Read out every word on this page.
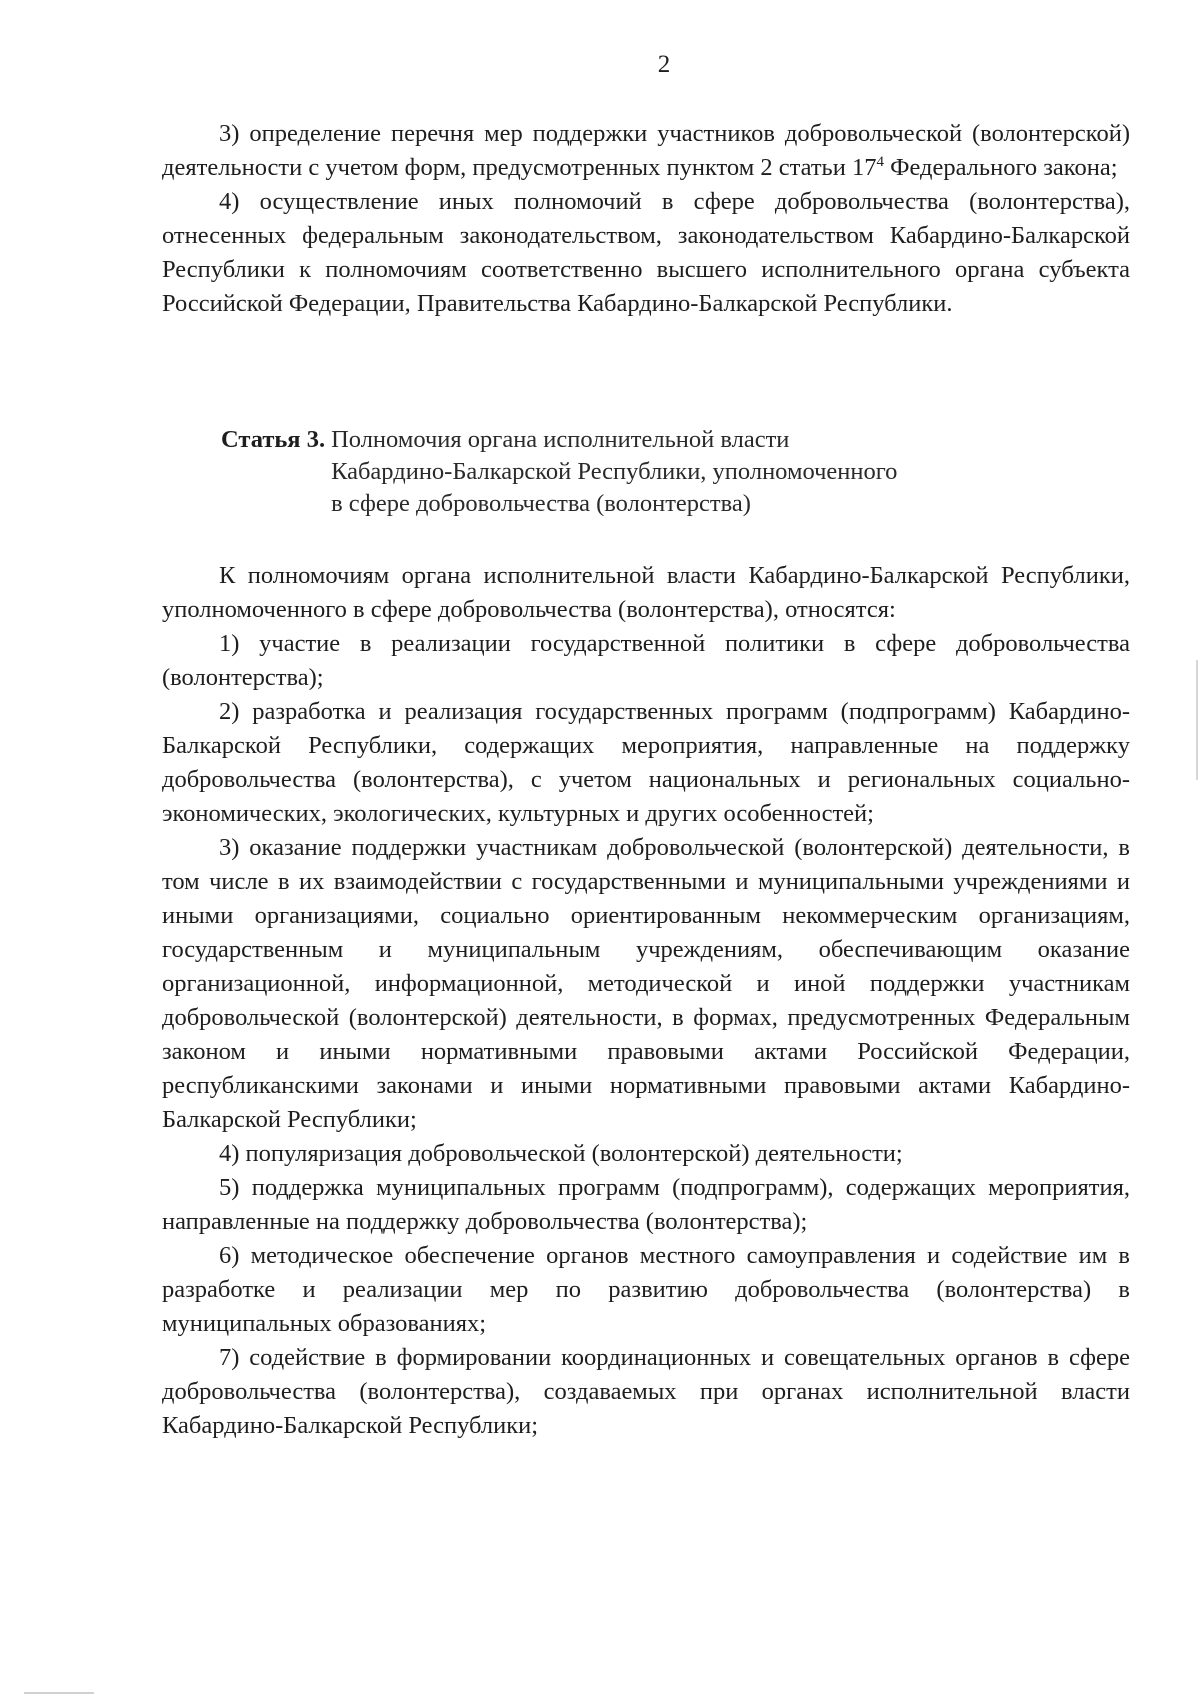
2

3) определение перечня мер поддержки участников добровольческой (волонтерской) деятельности с учетом форм, предусмотренных пунктом 2 статьи $17^4$ Федерального закона;

4) осуществление иных полномочий в сфере добровольчества (волонтерства), отнесенных федеральным законодательством, законодательством Кабардино-Балкарской Республики к полномочиям соответственно высшего исполнительного органа субъекта Российской Федерации, Правительства Кабардино-Балкарской Республики.

Статья 3. Полномочия органа исполнительной власти
Кабардино-Балкарской Республики, уполномоченного
в сфере добровольчества (волонтерства)

К полномочиям органа исполнительной власти Кабардино-Балкарской Республики, уполномоченного в сфере добровольчества (волонтерства), относятся:

1) участие в реализации государственной политики в сфере добровольчества (волонтерства);

2) разработка и реализация государственных программ (подпрограмм) Кабардино-Балкарской Республики, содержащих мероприятия, направленные на поддержку добровольчества (волонтерства), с учетом национальных и региональных социально-экономических, экологических, культурных и других особенностей;

3) оказание поддержки участникам добровольческой (волонтерской) деятельности, в том числе в их взаимодействии с государственными и муниципальными учреждениями и иными организациями, социально ориентированным некоммерческим организациям, государственным и муниципальным учреждениям, обеспечивающим оказание организационной, информационной, методической и иной поддержки участникам добровольческой (волонтерской) деятельности, в формах, предусмотренных Федеральным законом и иными нормативными правовыми актами Российской Федерации, республиканскими законами и иными нормативными правовыми актами Кабардино-Балкарской Республики;

4) популяризация добровольческой (волонтерской) деятельности;

5) поддержка муниципальных программ (подпрограмм), содержащих мероприятия, направленные на поддержку добровольчества (волонтерства);

6) методическое обеспечение органов местного самоуправления и содействие им в разработке и реализации мер по развитию добровольчества (волонтерства) в муниципальных образованиях;

7) содействие в формировании координационных и совещательных органов в сфере добровольчества (волонтерства), создаваемых при органах исполнительной власти Кабардино-Балкарской Республики;
